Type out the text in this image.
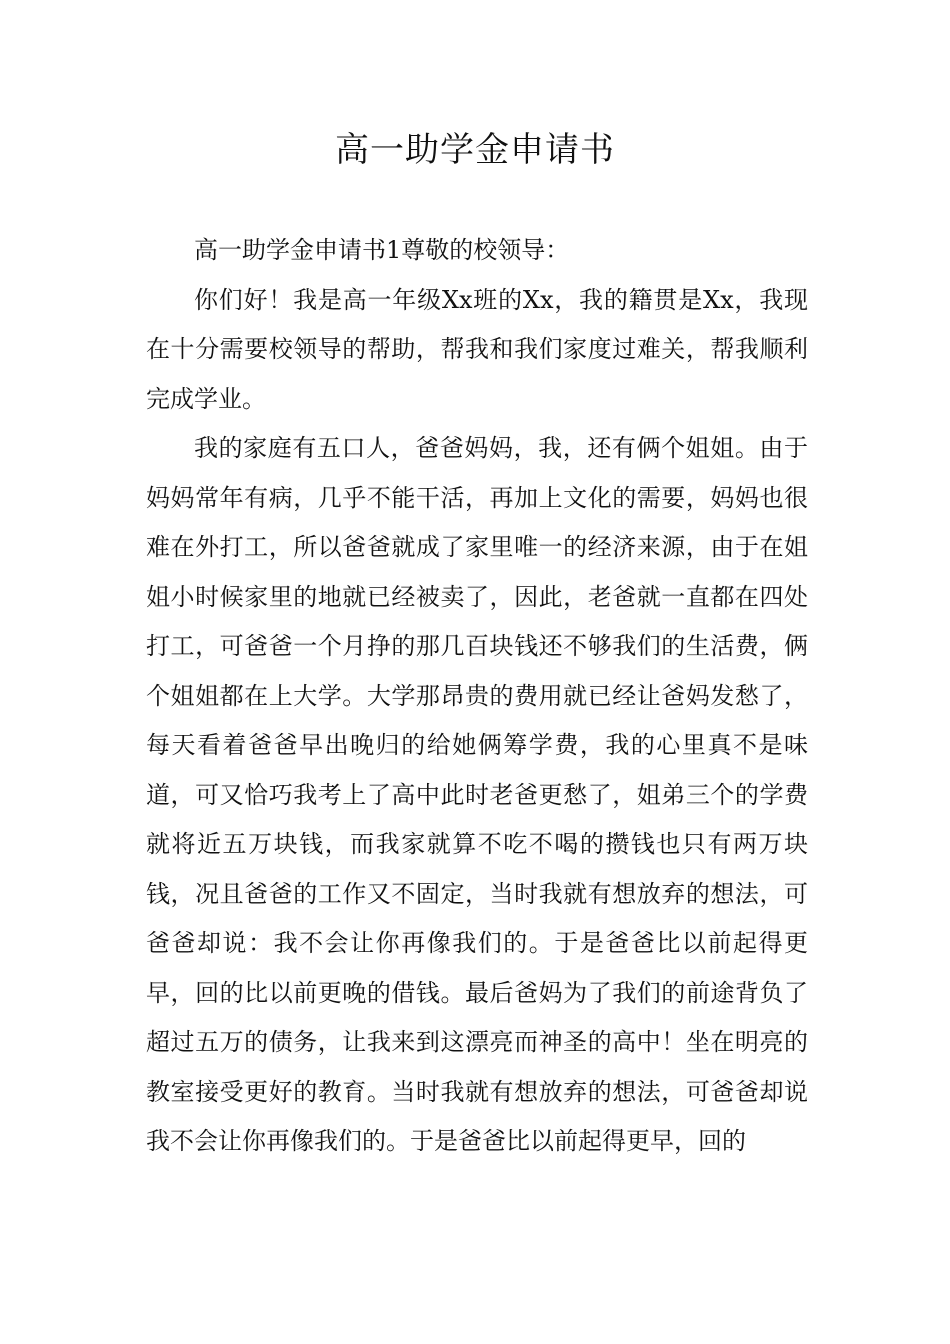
高一助学金申请书

高一助学金申请书1尊敬的校领导：

你们好！我是高一年级Xx班的Xx，我的籍贯是Xx，我现在十分需要校领导的帮助，帮我和我们家度过难关，帮我顺利完成学业。

我的家庭有五口人，爸爸妈妈，我，还有俩个姐姐。由于妈妈常年有病，几乎不能干活，再加上文化的需要，妈妈也很难在外打工，所以爸爸就成了家里唯一的经济来源，由于在姐姐小时候家里的地就已经被卖了，因此，老爸就一直都在四处打工，可爸爸一个月挣的那几百块钱还不够我们的生活费，俩个姐姐都在上大学。大学那昂贵的费用就已经让爸妈发愁了，每天看着爸爸早出晚归的给她俩筹学费，我的心里真不是味道，可又恰巧我考上了高中此时老爸更愁了，姐弟三个的学费就将近五万块钱，而我家就算不吃不喝的攒钱也只有两万块钱，况且爸爸的工作又不固定，当时我就有想放弃的想法，可爸爸却说：我不会让你再像我们的。于是爸爸比以前起得更早，回的比以前更晚的借钱。最后爸妈为了我们的前途背负了超过五万的债务，让我来到这漂亮而神圣的高中！坐在明亮的教室接受更好的教育。当时我就有想放弃的想法，可爸爸却说我不会让你再像我们的。于是爸爸比以前起得更早，回的
